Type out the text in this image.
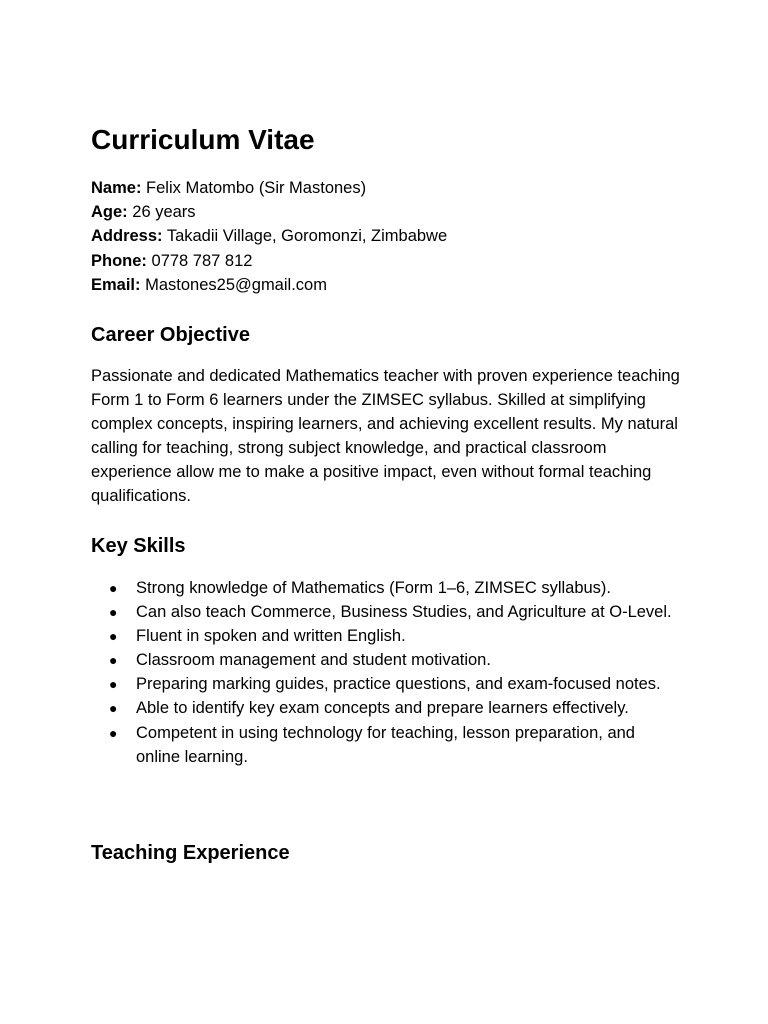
Curriculum Vitae
Name: Felix Matombo (Sir Mastones)
Age: 26 years
Address: Takadii Village, Goromonzi, Zimbabwe
Phone: 0778 787 812
Email: Mastones25@gmail.com
Career Objective

Passionate and dedicated Mathematics teacher with proven experience teaching Form 1 to Form 6 learners under the ZIMSEC syllabus. Skilled at simplifying complex concepts, inspiring learners, and achieving excellent results. My natural calling for teaching, strong subject knowledge, and practical classroom experience allow me to make a positive impact, even without formal teaching qualifications.

Key Skills
● Strong knowledge of Mathematics (Form 1–6, ZIMSEC syllabus).
● Can also teach Commerce, Business Studies, and Agriculture at O-Level.
● Fluent in spoken and written English.
● Classroom management and student motivation.
● Preparing marking guides, practice questions, and exam-focused notes.
● Able to identify key exam concepts and prepare learners effectively.
● Competent in using technology for teaching, lesson preparation, and online learning.
Teaching Experience
